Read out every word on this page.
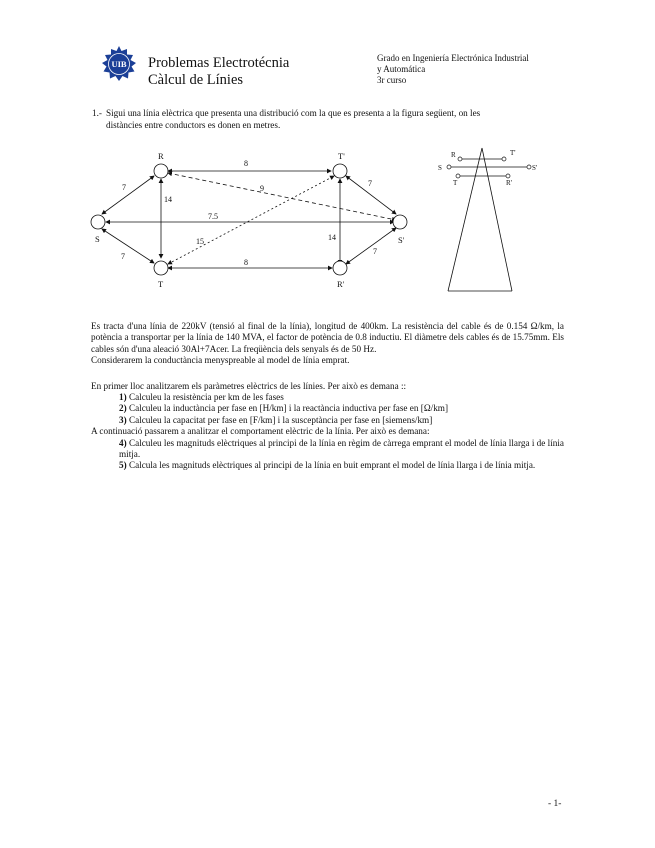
UIB Problemas Electrotécnia
Càlcul de Línies
Grado en Ingeniería Electrónica Industrial
y Automática
3r curso
1.- Sigui una línia elèctrica que presenta una distribució com la que es presenta a la figura següent, on les
distàncies entre conductors es donen en metres.
R	T'
S	S'
T	R'
8
9
7
14
7.5
15
7
14
8
7
7
R	T'
S	S'
T	R'

Es tracta d'una línia de 220kV (tensió al final de la línia), longitud de 400km. La resistència del cable és de 0.154 Ω/km, la potència a transportar per la línia de 140 MVA, el factor de potència de 0.8 inductiu. El diàmetre dels cables és de 15.75mm. Els cables són d'una aleació 30Al+7Acer. La freqüència dels senyals és de 50 Hz.

Considerarem la conductància menyspreable al model de línia emprat.

En primer lloc analitzarem els paràmetres elèctrics de les línies. Per això es demana ::

1) Calculeu la resistència per km de les fases

2) Calculeu la inductància per fase en [H/km] i la reactància inductiva per fase en [Ω/km]

3) Calculeu la capacitat per fase en [F/km] i la susceptància per fase en [siemens/km]

A continuació passarem a analitzar el comportament elèctric de la línia. Per això es demana:

4) Calculeu les magnituds elèctriques al principi de la línia en règim de càrrega emprant el model de línia llarga i de línia mitja.

5) Calcula les magnituds elèctriques al principi de la línia en buit emprant el model de línia llarga i de línia mitja.

- 1-
